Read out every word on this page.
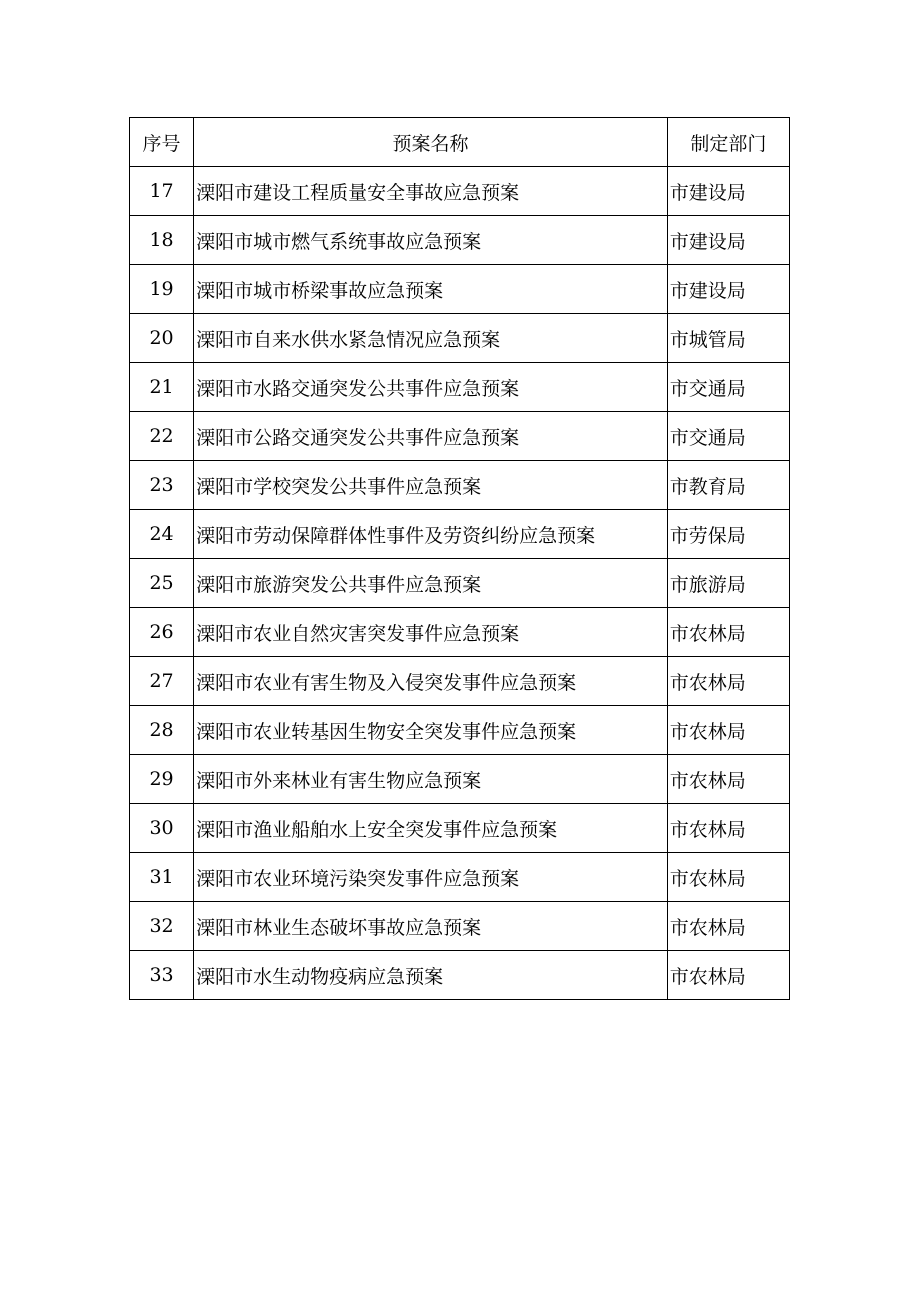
序号	预案名称	制定部门
17	溧阳市建设工程质量安全事故应急预案	市建设局
18	溧阳市城市燃气系统事故应急预案	市建设局
19	溧阳市城市桥梁事故应急预案	市建设局
20	溧阳市自来水供水紧急情况应急预案	市城管局
21	溧阳市水路交通突发公共事件应急预案	市交通局
22	溧阳市公路交通突发公共事件应急预案	市交通局
23	溧阳市学校突发公共事件应急预案	市教育局
24	溧阳市劳动保障群体性事件及劳资纠纷应急预案	市劳保局
25	溧阳市旅游突发公共事件应急预案	市旅游局
26	溧阳市农业自然灾害突发事件应急预案	市农林局
27	溧阳市农业有害生物及入侵突发事件应急预案	市农林局
28	溧阳市农业转基因生物安全突发事件应急预案	市农林局
29	溧阳市外来林业有害生物应急预案	市农林局
30	溧阳市渔业船舶水上安全突发事件应急预案	市农林局
31	溧阳市农业环境污染突发事件应急预案	市农林局
32	溧阳市林业生态破坏事故应急预案	市农林局
33	溧阳市水生动物疫病应急预案	市农林局
